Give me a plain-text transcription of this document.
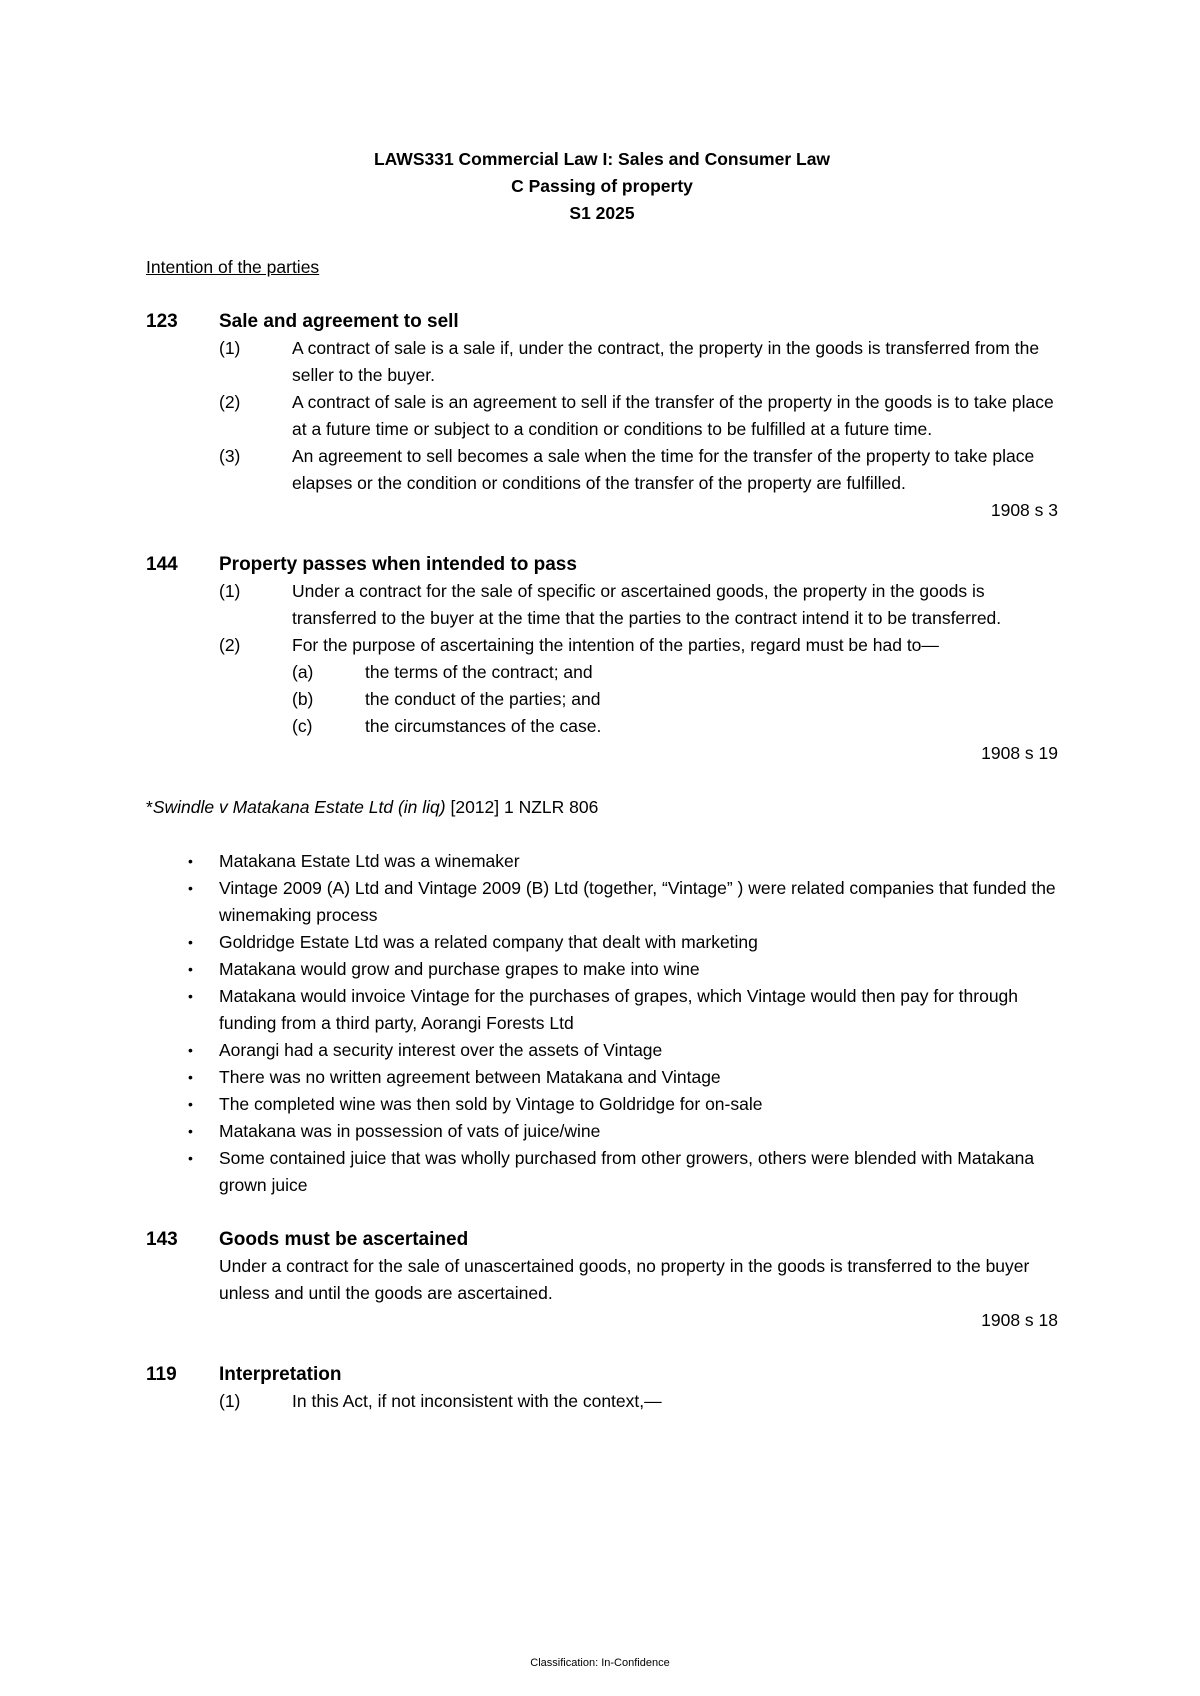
LAWS331 Commercial Law I: Sales and Consumer Law
C Passing of property
S1 2025
Intention of the parties
123	Sale and agreement to sell
(1)	A contract of sale is a sale if, under the contract, the property in the goods is transferred from the seller to the buyer.
(2)	A contract of sale is an agreement to sell if the transfer of the property in the goods is to take place at a future time or subject to a condition or conditions to be fulfilled at a future time.
(3)	An agreement to sell becomes a sale when the time for the transfer of the property to take place elapses or the condition or conditions of the transfer of the property are fulfilled.
1908 s 3
144	Property passes when intended to pass
(1)	Under a contract for the sale of specific or ascertained goods, the property in the goods is transferred to the buyer at the time that the parties to the contract intend it to be transferred.
(2)	For the purpose of ascertaining the intention of the parties, regard must be had to—
(a)	the terms of the contract; and
(b)	the conduct of the parties; and
(c)	the circumstances of the case.
1908 s 19
*Swindle v Matakana Estate Ltd (in liq) [2012] 1 NZLR 806
•	Matakana Estate Ltd was a winemaker
•	Vintage 2009 (A) Ltd and Vintage 2009 (B) Ltd (together, “Vintage” ) were related companies that funded the winemaking process
•	Goldridge Estate Ltd was a related company that dealt with marketing
•	Matakana would grow and purchase grapes to make into wine
•	Matakana would invoice Vintage for the purchases of grapes, which Vintage would then pay for through funding from a third party, Aorangi Forests Ltd
•	Aorangi had a security interest over the assets of Vintage
•	There was no written agreement between Matakana and Vintage
•	The completed wine was then sold by Vintage to Goldridge for on-sale
•	Matakana was in possession of vats of juice/wine
•	Some contained juice that was wholly purchased from other growers, others were blended with Matakana grown juice
143	Goods must be ascertained
Under a contract for the sale of unascertained goods, no property in the goods is transferred to the buyer unless and until the goods are ascertained.
1908 s 18
119	Interpretation
(1)	In this Act, if not inconsistent with the context,—
Classification: In-Confidence
